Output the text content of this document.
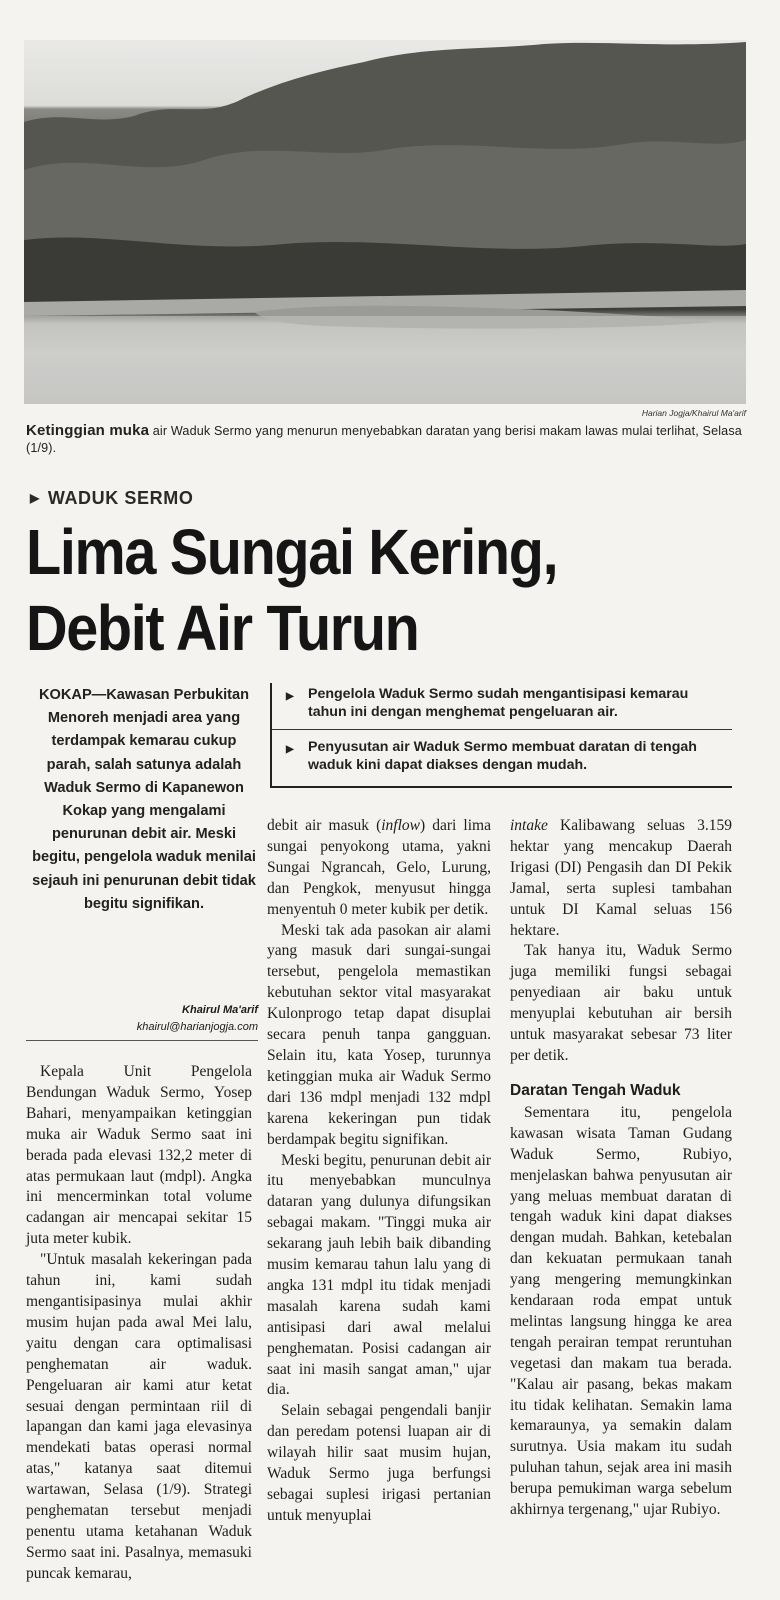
Harian Jogja/Khairul Ma'arif
Ketinggian muka air Waduk Sermo yang menurun menyebabkan daratan yang berisi makam lawas mulai terlihat, Selasa (1/9).
▶ WADUK SERMO
Lima Sungai Kering,
Debit Air Turun
KOKAP—Kawasan Perbukitan Menoreh menjadi area yang terdampak kemarau cukup parah, salah satunya adalah Waduk Sermo di Kapanewon Kokap yang mengalami penurunan debit air. Meski begitu, pengelola waduk menilai sejauh ini penurunan debit tidak begitu signifikan.
▶ Pengelola Waduk Sermo sudah mengantisipasi kemarau tahun ini dengan menghemat pengeluaran air.
▶ Penyusutan air Waduk Sermo membuat daratan di tengah waduk kini dapat diakses dengan mudah.
Khairul Ma'arif
khairul@harianjogja.com

Kepala Unit Pengelola Bendungan Waduk Sermo, Yosep Bahari, menyampaikan ketinggian muka air Waduk Sermo saat ini berada pada elevasi 132,2 meter di atas permukaan laut (mdpl). Angka ini mencerminkan total volume cadangan air mencapai sekitar 15 juta meter kubik.

"Untuk masalah kekeringan pada tahun ini, kami sudah mengantisipasinya mulai akhir musim hujan pada awal Mei lalu, yaitu dengan cara optimalisasi penghematan air waduk. Pengeluaran air kami atur ketat sesuai dengan permintaan riil di lapangan dan kami jaga elevasinya mendekati batas operasi normal atas," katanya saat ditemui wartawan, Selasa (1/9). Strategi penghematan tersebut menjadi penentu utama ketahanan Waduk Sermo saat ini. Pasalnya, memasuki puncak kemarau,

debit air masuk (inflow) dari lima sungai penyokong utama, yakni Sungai Ngrancah, Gelo, Lurung, dan Pengkok, menyusut hingga menyentuh 0 meter kubik per detik.

Meski tak ada pasokan air alami yang masuk dari sungai-sungai tersebut, pengelola memastikan kebutuhan sektor vital masyarakat Kulonprogo tetap dapat disuplai secara penuh tanpa gangguan. Selain itu, kata Yosep, turunnya ketinggian muka air Waduk Sermo dari 136 mdpl menjadi 132 mdpl karena kekeringan pun tidak berdampak begitu signifikan.

Meski begitu, penurunan debit air itu menyebabkan munculnya dataran yang dulunya difungsikan sebagai makam. "Tinggi muka air sekarang jauh lebih baik dibanding musim kemarau tahun lalu yang di angka 131 mdpl itu tidak menjadi masalah karena sudah kami antisipasi dari awal melalui penghematan. Posisi cadangan air saat ini masih sangat aman," ujar dia.

Selain sebagai pengendali banjir dan peredam potensi luapan air di wilayah hilir saat musim hujan, Waduk Sermo juga berfungsi sebagai suplesi irigasi pertanian untuk menyuplai

intake Kalibawang seluas 3.159 hektar yang mencakup Daerah Irigasi (DI) Pengasih dan DI Pekik Jamal, serta suplesi tambahan untuk DI Kamal seluas 156 hektare.

Tak hanya itu, Waduk Sermo juga memiliki fungsi sebagai penyediaan air baku untuk menyuplai kebutuhan air bersih untuk masyarakat sebesar 73 liter per detik.

Daratan Tengah Waduk

Sementara itu, pengelola kawasan wisata Taman Gudang Waduk Sermo, Rubiyo, menjelaskan bahwa penyusutan air yang meluas membuat daratan di tengah waduk kini dapat diakses dengan mudah. Bahkan, ketebalan dan kekuatan permukaan tanah yang mengering memungkinkan kendaraan roda empat untuk melintas langsung hingga ke area tengah perairan tempat reruntuhan vegetasi dan makam tua berada. "Kalau air pasang, bekas makam itu tidak kelihatan. Semakin lama kemaraunya, ya semakin dalam surutnya. Usia makam itu sudah puluhan tahun, sejak area ini masih berupa pemukiman warga sebelum akhirnya tergenang," ujar Rubiyo.
